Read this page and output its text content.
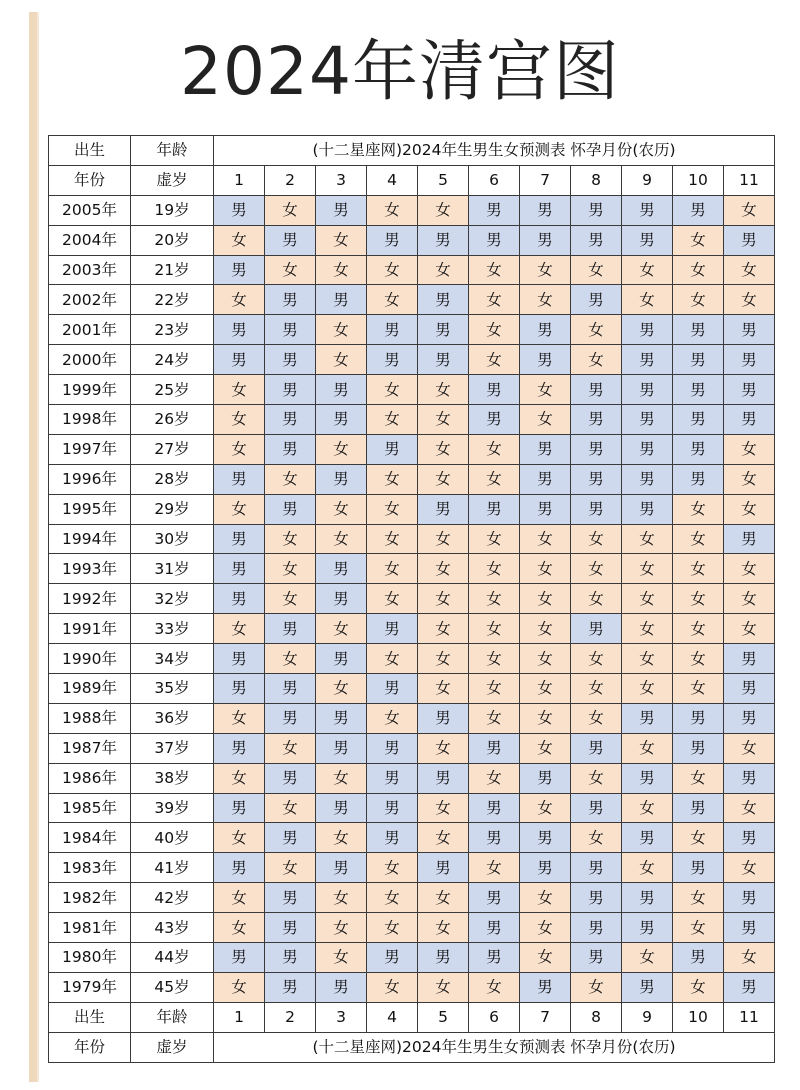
2024年清宫图
出生	年龄	(十二星座网)2024年生男生女预测表 怀孕月份(农历)										
年份	虚岁	1	2	3	4	5	6	7	8	9	10	11
2005年	19岁	男	女	男	女	女	男	男	男	男	男	女
2004年	20岁	女	男	女	男	男	男	男	男	男	女	男
2003年	21岁	男	女	女	女	女	女	女	女	女	女	女
2002年	22岁	女	男	男	女	男	女	女	男	女	女	女
2001年	23岁	男	男	女	男	男	女	男	女	男	男	男
2000年	24岁	男	男	女	男	男	女	男	女	男	男	男
1999年	25岁	女	男	男	女	女	男	女	男	男	男	男
1998年	26岁	女	男	男	女	女	男	女	男	男	男	男
1997年	27岁	女	男	女	男	女	女	男	男	男	男	女
1996年	28岁	男	女	男	女	女	女	男	男	男	男	女
1995年	29岁	女	男	女	女	男	男	男	男	男	女	女
1994年	30岁	男	女	女	女	女	女	女	女	女	女	男
1993年	31岁	男	女	男	女	女	女	女	女	女	女	女
1992年	32岁	男	女	男	女	女	女	女	女	女	女	女
1991年	33岁	女	男	女	男	女	女	女	男	女	女	女
1990年	34岁	男	女	男	女	女	女	女	女	女	女	男
1989年	35岁	男	男	女	男	女	女	女	女	女	女	男
1988年	36岁	女	男	男	女	男	女	女	女	男	男	男
1987年	37岁	男	女	男	男	女	男	女	男	女	男	女
1986年	38岁	女	男	女	男	男	女	男	女	男	女	男
1985年	39岁	男	女	男	男	女	男	女	男	女	男	女
1984年	40岁	女	男	女	男	女	男	男	女	男	女	男
1983年	41岁	男	女	男	女	男	女	男	男	女	男	女
1982年	42岁	女	男	女	女	女	男	女	男	男	女	男
1981年	43岁	女	男	女	女	女	男	女	男	男	女	男
1980年	44岁	男	男	女	男	男	男	女	男	女	男	女
1979年	45岁	女	男	男	女	女	女	男	女	男	女	男
出生	年龄	1	2	3	4	5	6	7	8	9	10	11
年份	虚岁	(十二星座网)2024年生男生女预测表 怀孕月份(农历)										
